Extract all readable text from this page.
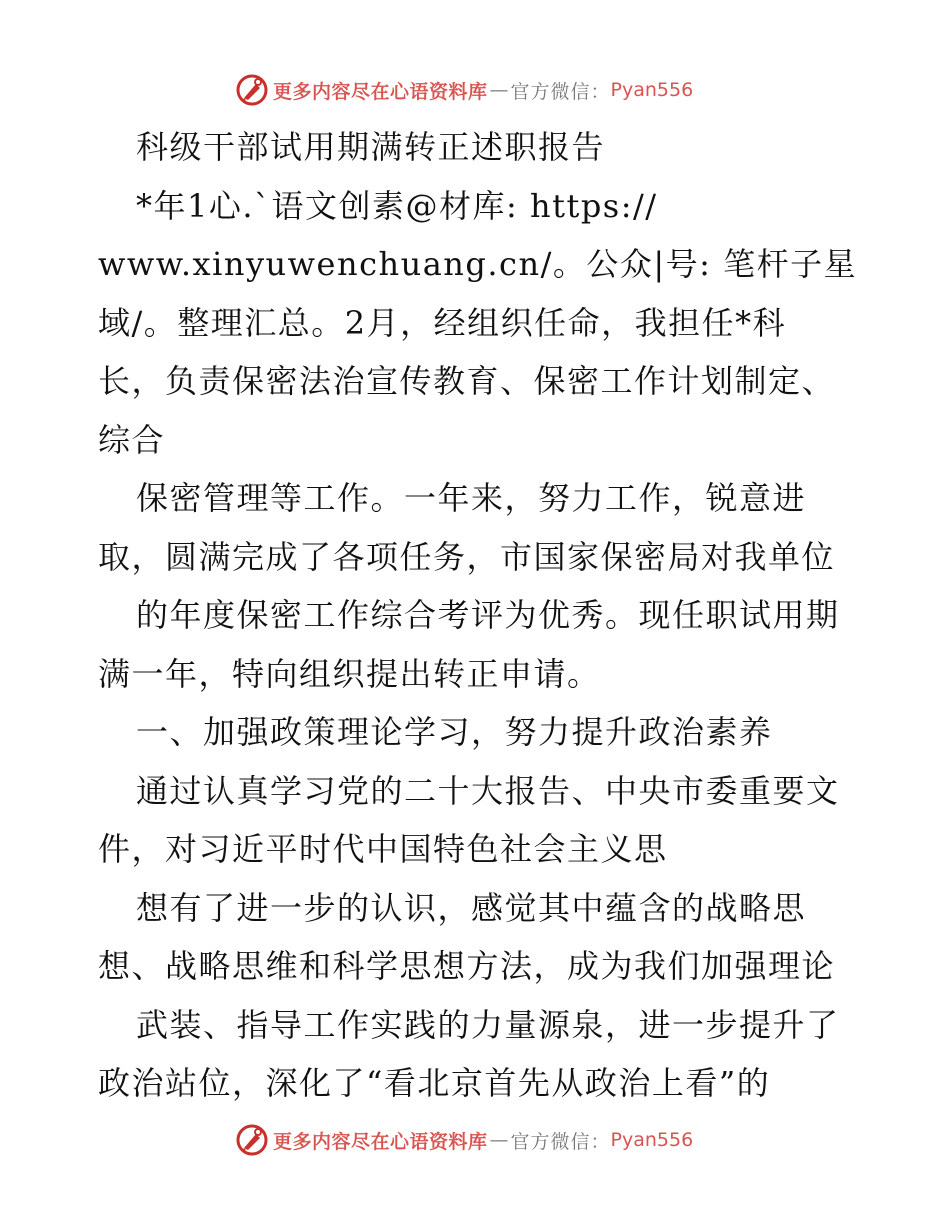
更多内容尽在心语资料库 — 官方微信： Pyan556
科级干部试用期满转正述职报告
*年1心.`语文创素@材库: https://
www.xinyuwenchuang.cn/。公众|号: 笔杆子星
域/。整理汇总。2月，经组织任命，我担任*科
长，负责保密法治宣传教育、保密工作计划制定、
综合
保密管理等工作。一年来，努力工作，锐意进
取，圆满完成了各项任务，市国家保密局对我单位
的年度保密工作综合考评为优秀。现任职试用期
满一年，特向组织提出转正申请。
一、加强政策理论学习，努力提升政治素养
通过认真学习党的二十大报告、中央市委重要文
件，对习近平时代中国特色社会主义思
想有了进一步的认识，感觉其中蕴含的战略思
想、战略思维和科学思想方法，成为我们加强理论
武装、指导工作实践的力量源泉，进一步提升了
政治站位，深化了“看北京首先从政治上看”的
更多内容尽在心语资料库 — 官方微信： Pyan556
